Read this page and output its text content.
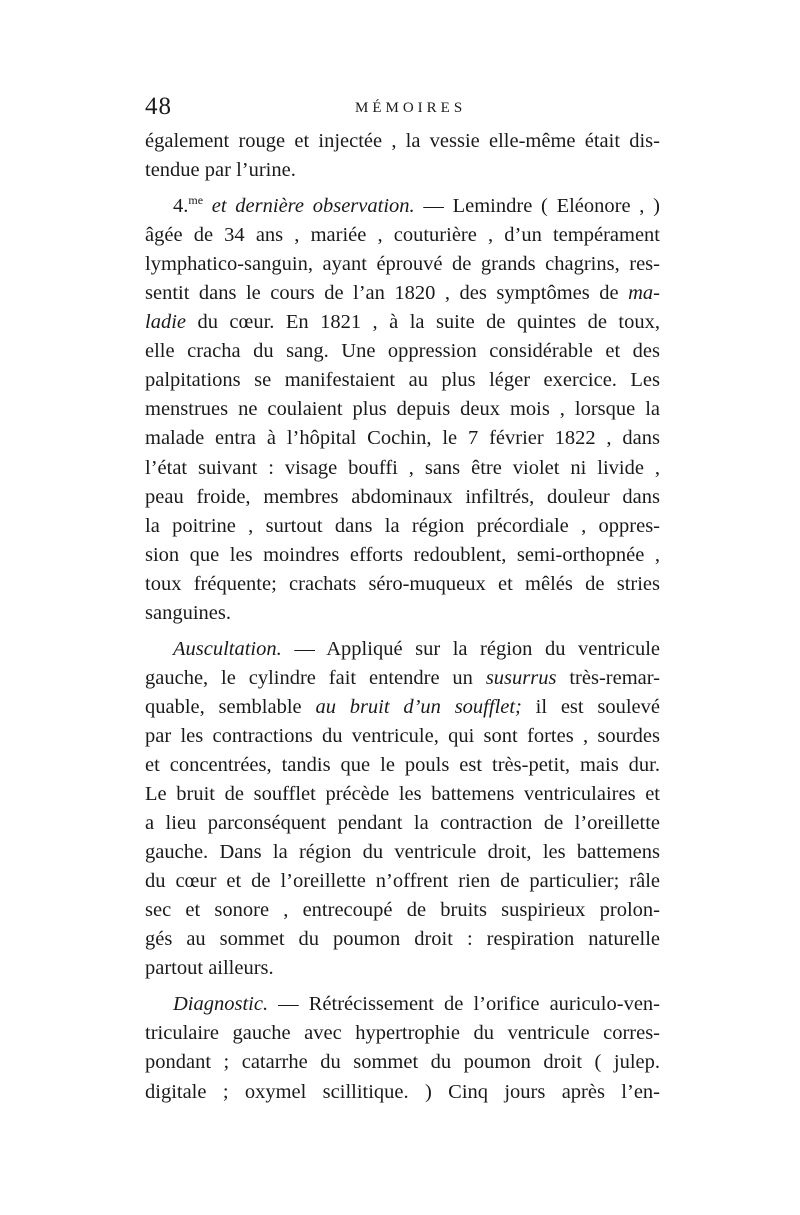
48	MÉMOIRES
également rouge et injectée , la vessie elle-même était dis-
tendue par l’urine.
4.$^{me}$ et dernière observation. — Lemindre ( Eléonore , )
âgée de 34 ans , mariée , couturière , d’un tempérament
lymphatico-sanguin, ayant éprouvé de grands chagrins, res-
sentit dans le cours de l’an 1820 , des symptômes de ma-
ladie du cœur. En 1821 , à la suite de quintes de toux,
elle cracha du sang. Une oppression considérable et des
palpitations se manifestaient au plus léger exercice. Les
menstrues ne coulaient plus depuis deux mois , lorsque la
malade entra à l’hôpital Cochin, le 7 février 1822 , dans
l’état suivant : visage bouffi , sans être violet ni livide ,
peau froide, membres abdominaux infiltrés, douleur dans
la poitrine , surtout dans la région précordiale , oppres-
sion que les moindres efforts redoublent, semi-orthopnée ,
toux fréquente; crachats séro-muqueux et mêlés de stries
sanguines.
Auscultation. — Appliqué sur la région du ventricule
gauche, le cylindre fait entendre un susurrus très-remar-
quable, semblable au bruit d’un soufflet; il est soulevé
par les contractions du ventricule, qui sont fortes , sourdes
et concentrées, tandis que le pouls est très-petit, mais dur.
Le bruit de soufflet précède les battemens ventriculaires et
a lieu parconséquent pendant la contraction de l’oreillette
gauche. Dans la région du ventricule droit, les battemens
du cœur et de l’oreillette n’offrent rien de particulier; râle
sec et sonore , entrecoupé de bruits suspirieux prolon-
gés au sommet du poumon droit : respiration naturelle
partout ailleurs.
Diagnostic. — Rétrécissement de l’orifice auriculo-ven-
triculaire gauche avec hypertrophie du ventricule corres-
pondant ; catarrhe du sommet du poumon droit ( julep.
digitale ; oxymel scillitique. ) Cinq jours après l’en-
